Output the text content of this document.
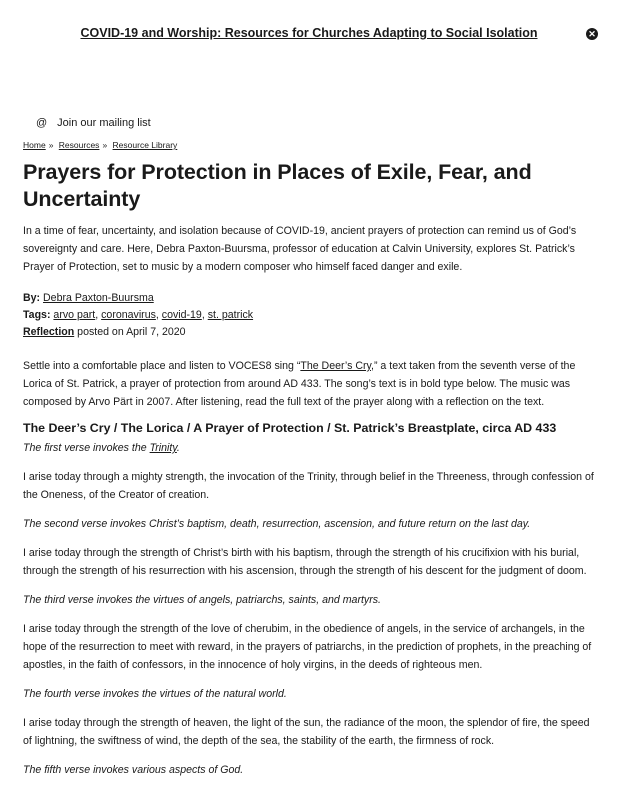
COVID-19 and Worship: Resources for Churches Adapting to Social Isolation	✕
@ Join our mailing list
Home » Resources » Resource Library
Prayers for Protection in Places of Exile, Fear, and Uncertainty

In a time of fear, uncertainty, and isolation because of COVID-19, ancient prayers of protection can remind us of God’s sovereignty and care. Here, Debra Paxton-Buursma, professor of education at Calvin University, explores St. Patrick’s Prayer of Protection, set to music by a modern composer who himself faced danger and exile.

By: Debra Paxton-Buursma
Tags: arvo part, coronavirus, covid-19, st. patrick
Reflection posted on April 7, 2020

Settle into a comfortable place and listen to VOCES8 sing “The Deer’s Cry,” a text taken from the seventh verse of the Lorica of St. Patrick, a prayer of protection from around AD 433. The song’s text is in bold type below. The music was composed by Arvo Pärt in 2007. After listening, read the full text of the prayer along with a reflection on the text.

The Deer’s Cry / The Lorica / A Prayer of Protection / St. Patrick’s Breastplate, circa AD 433

The first verse invokes the Trinity.

I arise today through a mighty strength, the invocation of the Trinity, through belief in the Threeness, through confession of the Oneness, of the Creator of creation.

The second verse invokes Christ’s baptism, death, resurrection, ascension, and future return on the last day.

I arise today through the strength of Christ’s birth with his baptism, through the strength of his crucifixion with his burial, through the strength of his resurrection with his ascension, through the strength of his descent for the judgment of doom.

The third verse invokes the virtues of angels, patriarchs, saints, and martyrs.

I arise today through the strength of the love of cherubim, in the obedience of angels, in the service of archangels, in the hope of the resurrection to meet with reward, in the prayers of patriarchs, in the prediction of prophets, in the preaching of apostles, in the faith of confessors, in the innocence of holy virgins, in the deeds of righteous men.

The fourth verse invokes the virtues of the natural world.

I arise today through the strength of heaven, the light of the sun, the radiance of the moon, the splendor of fire, the speed of lightning, the swiftness of wind, the depth of the sea, the stability of the earth, the firmness of rock.

The fifth verse invokes various aspects of God.
